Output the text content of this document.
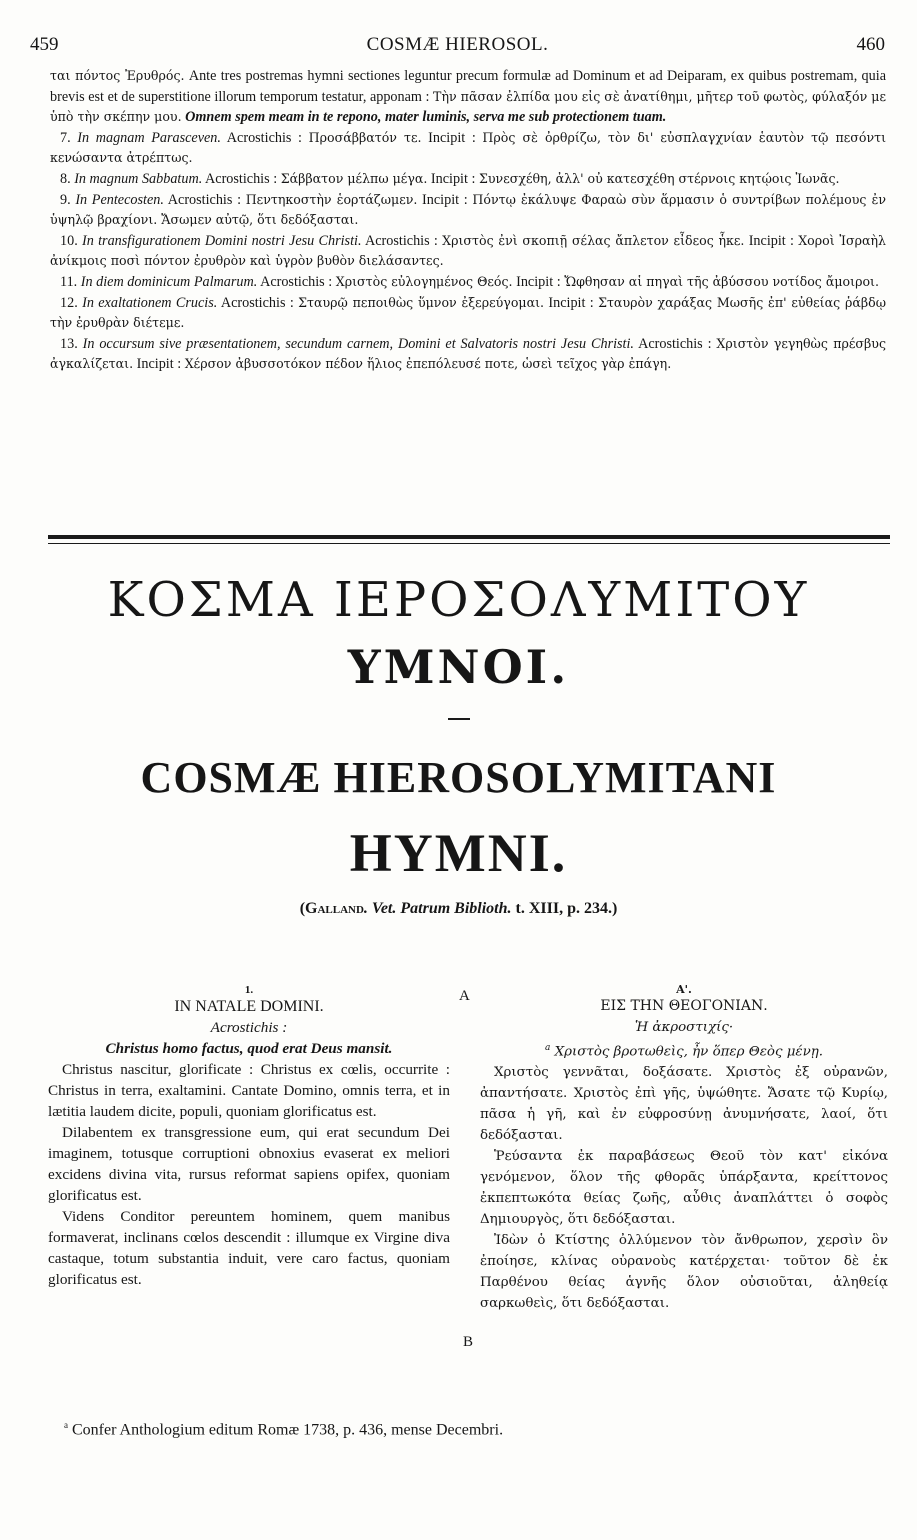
459	COSMÆ HIEROSOL.	460

ται πόντος Ἐρυθρός. Ante tres postremas hymni sectiones leguntur precum formulæ ad Dominum et ad Deiparam, ex quibus postremam, quia brevis est et de superstitione illorum temporum testatur, apponam : Τὴν πᾶσαν ἐλπίδα μου εἰς σὲ ἀνατίθημι, μῆτερ τοῦ φωτὸς, φύλαξόν με ὑπὸ τὴν σκέπην μου. Omnem spem meam in te repono, mater luminis, serva me sub protectionem tuam.

7. In magnam Parasceven. Acrostichis : Προσάββατόν τε. Incipit : Πρὸς σὲ ὀρθρίζω, τὸν δι' εὐσπλαγχνίαν ἑαυτὸν τῷ πεσόντι κενώσαντα ἀτρέπτως.

8. In magnum Sabbatum. Acrostichis : Σάββατον μέλπω μέγα. Incipit : Συνεσχέθη, ἀλλ' οὐ κατεσχέθη στέρνοις κητῴοις Ἰωνᾶς.

9. In Pentecosten. Acrostichis : Πεντηκοστὴν ἑορτάζωμεν. Incipit : Πόντῳ ἐκάλυψε Φαραὼ σὺν ἅρμασιν ὁ συντρίβων πολέμους ἐν ὑψηλῷ βραχίονι. Ἄσωμεν αὐτῷ, ὅτι δεδόξασται.

10. In transfigurationem Domini nostri Jesu Christi. Acrostichis : Χριστὸς ἐνὶ σκοπιῇ σέλας ἄπλετον εἶδεος ἧκε. Incipit : Χοροὶ Ἰσραὴλ ἀνίκμοις ποσὶ πόντον ἐρυθρὸν καὶ ὑγρὸν βυθὸν διελάσαντες.

11. In diem dominicum Palmarum. Acrostichis : Χριστὸς εὐλογημένος Θεός. Incipit : Ὤφθησαν αἱ πηγαὶ τῆς ἀβύσσου νοτίδος ἄμοιροι.

12. In exaltationem Crucis. Acrostichis : Σταυρῷ πεποιθὼς ὕμνον ἐξερεύγομαι. Incipit : Σταυρὸν χαράξας Μωσῆς ἐπ' εὐθείας ῥάβδῳ τὴν ἐρυθρὰν διέτεμε.

13. In occursum sive præsentationem, secundum carnem, Domini et Salvatoris nostri Jesu Christi. Acrostichis : Χριστὸν γεγηθὼς πρέσβυς ἀγκαλίζεται. Incipit : Χέρσον ἀβυσσοτόκον πέδον ἥλιος ἐπεπόλευσέ ποτε, ὡσεὶ τεῖχος γὰρ ἐπάγη.

ΚΟΣΜΑ ΙΕΡΟΣΟΛΥΜΙΤΟΥ
ΥΜΝΟΙ.
COSMÆ HIEROSOLYMITANI
HYMNI.
(Galland. Vet. Patrum Biblioth. t. XIII, p. 234.)
A
B

1.

IN NATALE DOMINI.

Acrostichis :

Christus homo factus, quod erat Deus mansit.

Christus nascitur, glorificate : Christus ex cœlis, occurrite : Christus in terra, exaltamini. Cantate Domino, omnis terra, et in lætitia laudem dicite, populi, quoniam glorificatus est.

Dilabentem ex transgressione eum, qui erat secundum Dei imaginem, totusque corruptioni obnoxius evaserat ex meliori excidens divina vita, rursus reformat sapiens opifex, quoniam glorificatus est.

Videns Conditor pereuntem hominem, quem manibus formaverat, inclinans cœlos descendit : illumque ex Virgine diva castaque, totum substantia induit, vere caro factus, quoniam glorificatus est.

Α'.

ΕΙΣ ΤΗΝ ΘΕΟΓΟΝΙΑΝ.

Ἡ ἀκροστιχίς·

$^a$ Χριστὸς βροτωθεὶς, ἦν ὅπερ Θεὸς μένῃ.

Χριστὸς γεννᾶται, δοξάσατε. Χριστὸς ἐξ οὐρανῶν, ἀπαντήσατε. Χριστὸς ἐπὶ γῆς, ὑψώθητε. Ἄσατε τῷ Κυρίῳ, πᾶσα ἡ γῆ, καὶ ἐν εὐφροσύνῃ ἀνυμνήσατε, λαοί, ὅτι δεδόξασται.

Ῥεύσαντα ἐκ παραβάσεως Θεοῦ τὸν κατ' εἰκόνα γενόμενον, ὅλον τῆς φθορᾶς ὑπάρξαντα, κρείττονος ἐκπεπτωκότα θείας ζωῆς, αὖθις ἀναπλάττει ὁ σοφὸς Δημιουργὸς, ὅτι δεδόξασται.

Ἰδὼν ὁ Κτίστης ὀλλύμενον τὸν ἄνθρωπον, χερσὶν ὃν ἐποίησε, κλίνας οὐρανοὺς κατέρχεται· τοῦτον δὲ ἐκ Παρθένου θείας ἁγνῆς ὅλον οὐσιοῦται, ἀληθείᾳ σαρκωθεὶς, ὅτι δεδόξασται.

$^a$ Confer Anthologium editum Romæ 1738, p. 436, mense Decembri.
